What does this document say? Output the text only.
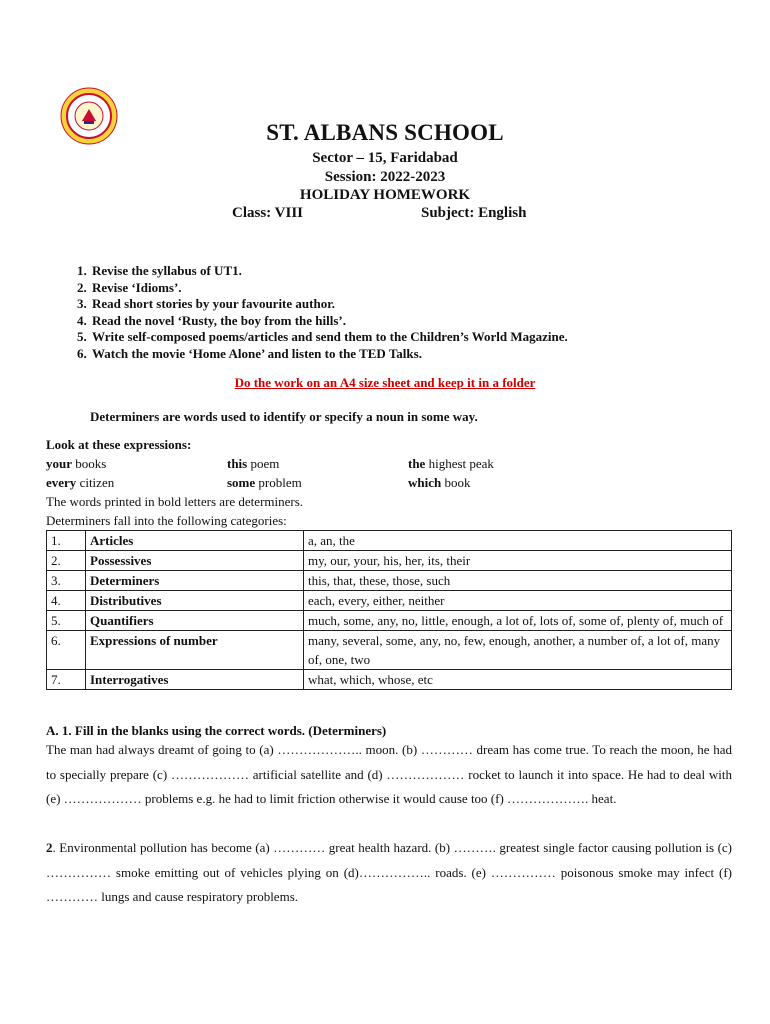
ST. ALBANS SCHOOL
Sector – 15, Faridabad
Session: 2022-2023
HOLIDAY HOMEWORK
Class: VIII	Subject: English
1. Revise the syllabus of UT1.
2. Revise ‘Idioms’.
3. Read short stories by your favourite author.
4. Read the novel ‘Rusty, the boy from the hills’.
5. Write self-composed poems/articles and send them to the Children’s World Magazine.
6. Watch the movie ‘Home Alone’ and listen to the TED Talks.
Do the work on an A4 size sheet and keep it in a folder
Determiners are words used to identify or specify a noun in some way.
Look at these expressions:
your books	this poem	the highest peak
every citizen	some problem	which book
The words printed in bold letters are determiners.
Determiners fall into the following categories:
1.	Articles	a, an, the
2.	Possessives	my, our, your, his, her, its, their
3.	Determiners	this, that, these, those, such
4.	Distributives	each, every, either, neither
5.	Quantifiers	much, some, any, no, little, enough, a lot of, lots of, some of, plenty of, much of
6.	Expressions of number	many, several, some, any, no, few, enough, another, a number of, a lot of, many of, one, two
7.	Interrogatives	what, which, whose, etc
A. 1. Fill in the blanks using the correct words. (Determiners)
The man had always dreamt of going to (a) ……………….. moon. (b) ………… dream has come true. To reach the moon, he had to specially prepare (c) ……………… artificial satellite and (d) ……………… rocket to launch it into space. He had to deal with (e) ……………… problems e.g. he had to limit friction otherwise it would cause too (f) ………………. heat.
2. Environmental pollution has become (a) ………… great health hazard. (b) ………. greatest single factor causing pollution is (c) …………… smoke emitting out of vehicles plying on (d)…………….. roads. (e) …………… poisonous smoke may infect (f) ………… lungs and cause respiratory problems.
